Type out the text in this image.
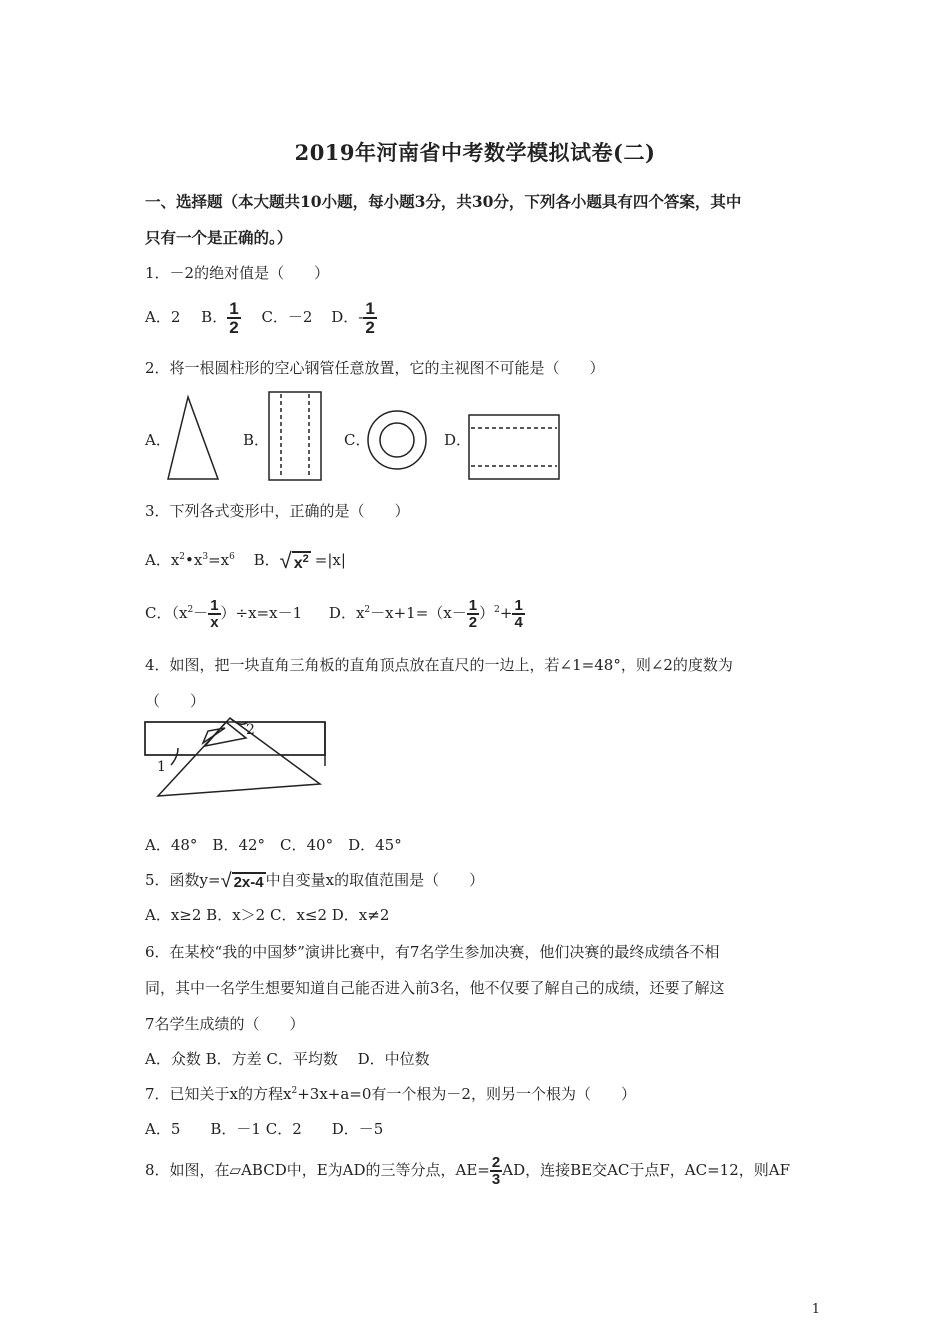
2019年河南省中考数学模拟试卷(二)
一、选择题（本大题共10小题，每小题3分，共30分，下列各小题具有四个答案，其中
只有一个是正确的。）
1．－2的绝对值是（　　）
A．2 B． $\frac{1}{2}$ C．－2 D．- $\frac{1}{2}$
2．将一根圆柱形的空心钢管任意放置，它的主视图不可能是（　　）
A．	B．	C．	D．
1
2
3．下列各式变形中，正确的是（　　）
A．$x^2•x^3=x^6$ B．√ $x^2 =|x|$
C．$(x^2- \frac{1}{x} )\div x=x-1$ D．$x^2-x+1=(x- \frac{1}{2} )^2+ \frac{1}{4}$
4．如图，把一块直角三角板的直角顶点放在直尺的一边上，若∠1=48°，则∠2的度数为
（　　）
A．48°　B．42°　C．40°　D．45°
5．函数y=√ 2x-4 中自变量x的取值范围是（　　）
A．x≥2 B．x＞2 C．x≤2 D．x≠2
6．在某校“我的中国梦”演讲比赛中，有7名学生参加决赛，他们决赛的最终成绩各不相
同，其中一名学生想要知道自己能否进入前3名，他不仅要了解自己的成绩，还要了解这
7名学生成绩的（　　）
A．众数 B．方差 C．平均数　 D．中位数
7．已知关于x的方程$x^2+3x+a=0$有一个根为－2，则另一个根为（　　）
A．5　　B．－1 C．2　　D．－5
8．如图，在▱ABCD中，E为AD的三等分点，$AE= \frac{2}{3}$ AD，连接BE交AC于点F，AC=12，则AF
1
